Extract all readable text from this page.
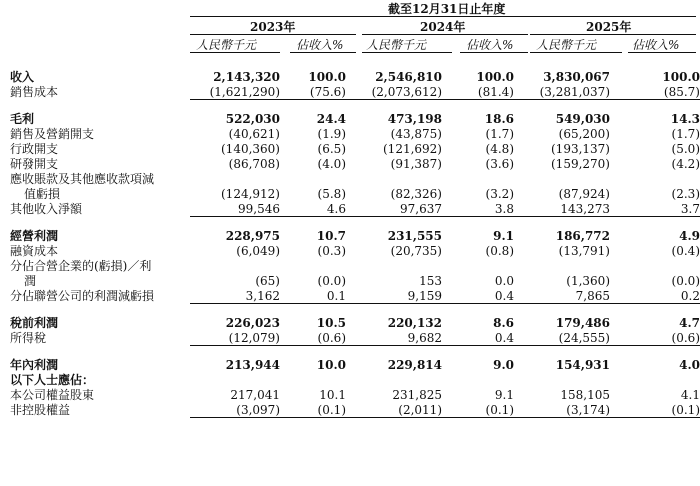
截至12月31日止年度
2023年	2024年	2025年
人民幣千元	佔收入% 人民幣千元	佔收入% 人民幣千元	佔收入%
收入	2,143,320	100.0	2,546,810	100.0	3,830,067	100.0
銷售成本	(1,621,290)	(75.6)	(2,073,612)	(81.4)	(3,281,037)	(85.7)

毛利	522,030	24.4	473,198	18.6	549,030	14.3
銷售及營銷開支	(40,621)	(1.9)	(43,875)	(1.7)	(65,200)	(1.7)
行政開支	(140,360)	(6.5)	(121,692)	(4.8)	(193,137)	(5.0)
研發開支	(86,708)	(4.0)	(91,387)	(3.6)	(159,270)	(4.2)
應收賬款及其他應收款項減						
值虧損	(124,912)	(5.8)	(82,326)	(3.2)	(87,924)	(2.3)
其他收入淨額	99,546	4.6	97,637	3.8	143,273	3.7

經營利潤	228,975	10.7	231,555	9.1	186,772	4.9
融資成本	(6,049)	(0.3)	(20,735)	(0.8)	(13,791)	(0.4)
分佔合營企業的(虧損)／利						
潤	(65)	(0.0)	153	0.0	(1,360)	(0.0)
分佔聯營公司的利潤減虧損	3,162	0.1	9,159	0.4	7,865	0.2

稅前利潤	226,023	10.5	220,132	8.6	179,486	4.7
所得稅	(12,079)	(0.6)	9,682	0.4	(24,555)	(0.6)

年內利潤	213,944	10.0	229,814	9.0	154,931	4.0
以下人士應佔：						
本公司權益股東	217,041	10.1	231,825	9.1	158,105	4.1
非控股權益	(3,097)	(0.1)	(2,011)	(0.1)	(3,174)	(0.1)
